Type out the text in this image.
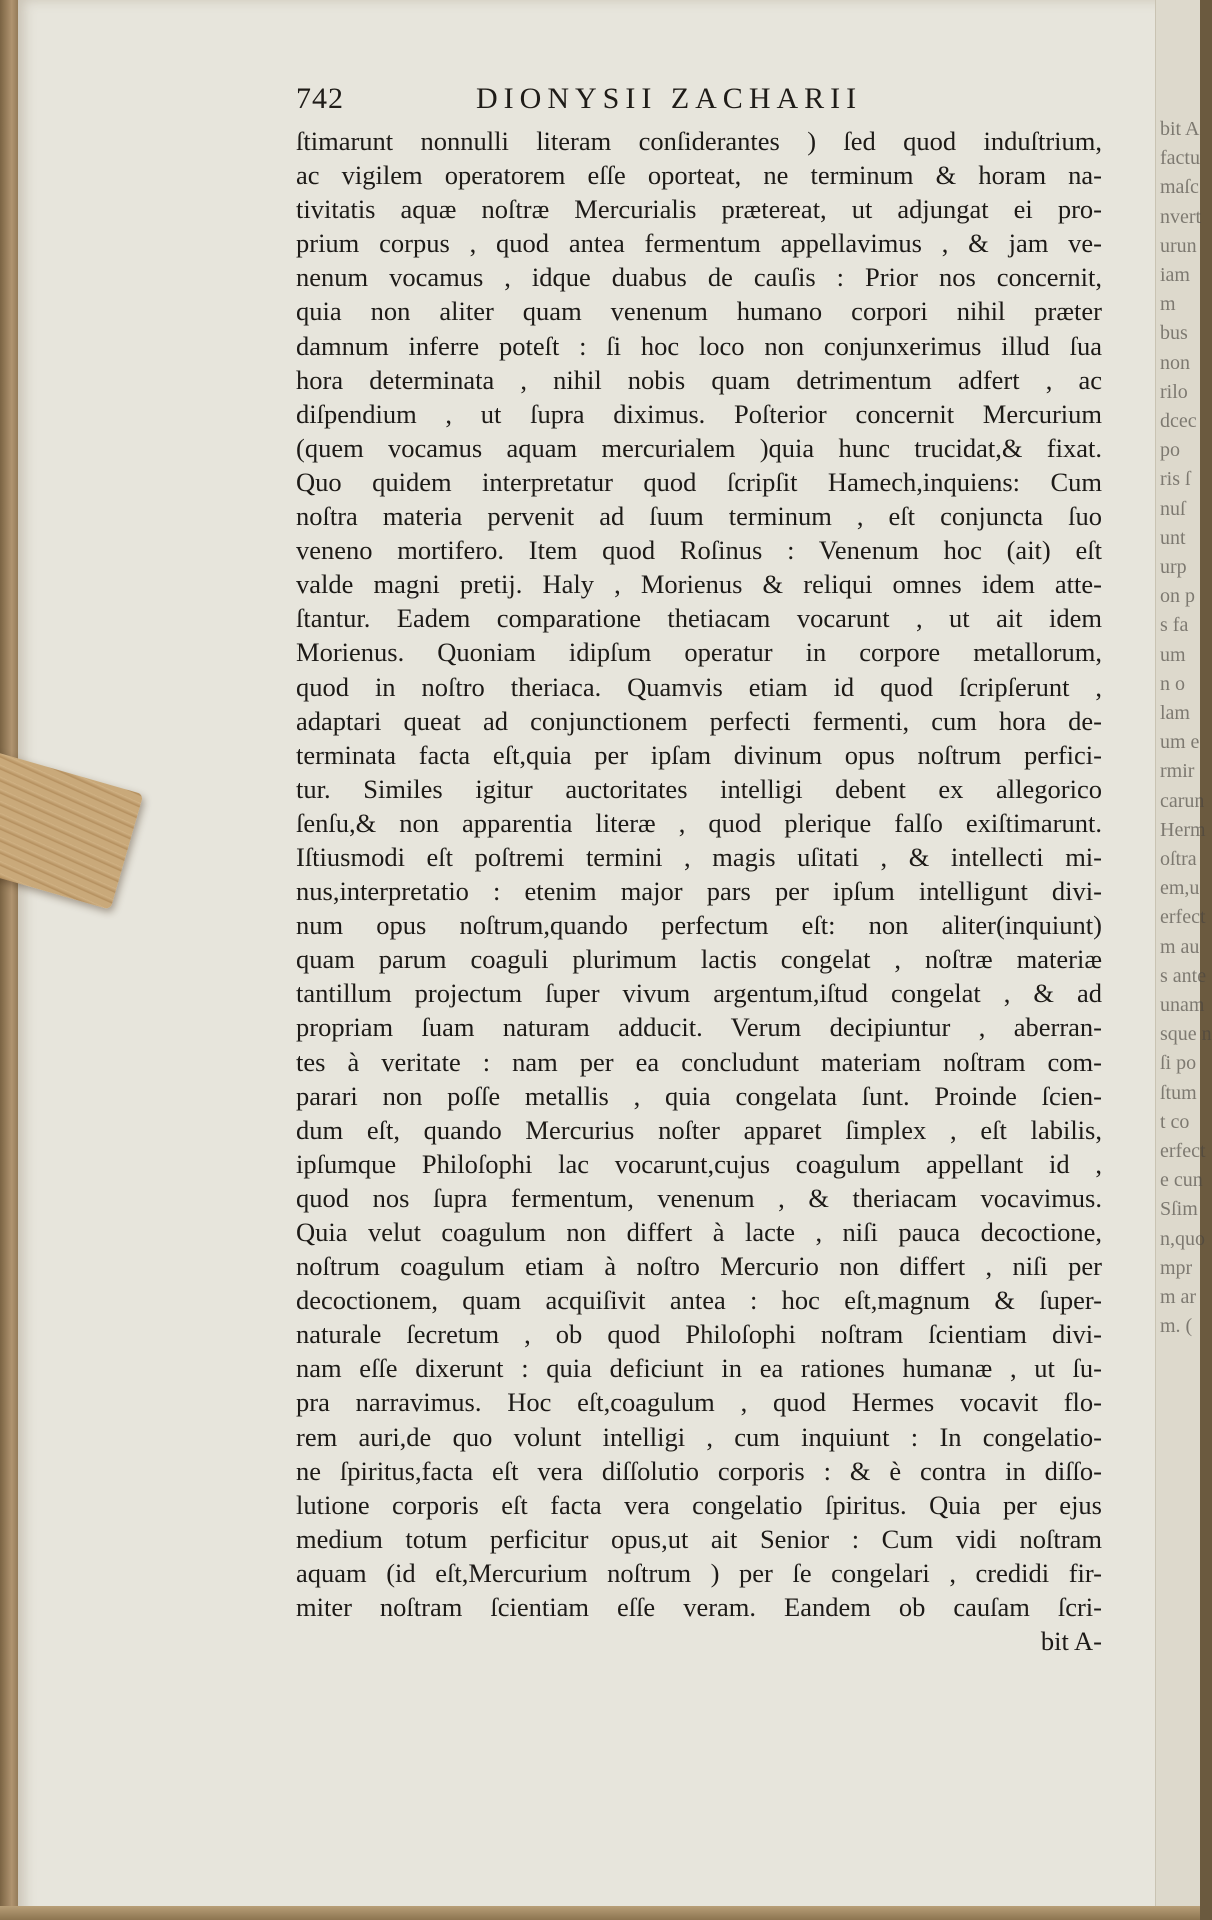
bit A
factu
maſc
nvert
urun
iam
m
bus
non
rilo
dcec
po
ris ſ
nuſ
unt
urp
on p
s fa
um
n o
lam
um e
rmir
carun
Herm
oſtra
em,u
erfect
m au
s ante
unam
sque n
ſi po
ſtum
t co
erfect
e cun
Sſim
n,quo
mpr
m ar
m. (
742	DIONYSII ZACHARII
ſtimarunt nonnulli literam conſiderantes ) ſed quod induſtrium,
ac vigilem operatorem eſſe oporteat, ne terminum & horam na-
tivitatis aquæ noſtræ Mercurialis prætereat, ut adjungat ei pro-
prium corpus , quod antea fermentum appellavimus , & jam ve-
nenum vocamus , idque duabus de cauſis : Prior nos concernit,
quia non aliter quam venenum humano corpori nihil præter
damnum inferre poteſt : ſi hoc loco non conjunxerimus illud ſua
hora determinata , nihil nobis quam detrimentum adfert , ac
diſpendium , ut ſupra diximus. Poſterior concernit Mercurium
(quem vocamus aquam mercurialem )quia hunc trucidat,& fixat.
Quo quidem interpretatur quod ſcripſit Hamech,inquiens: Cum
noſtra materia pervenit ad ſuum terminum , eſt conjuncta ſuo
veneno mortifero. Item quod Roſinus : Venenum hoc (ait) eſt
valde magni pretij. Haly , Morienus & reliqui omnes idem atte-
ſtantur. Eadem comparatione thetiacam vocarunt , ut ait idem
Morienus. Quoniam idipſum operatur in corpore metallorum,
quod in noſtro theriaca. Quamvis etiam id quod ſcripſerunt ,
adaptari queat ad conjunctionem perfecti fermenti, cum hora de-
terminata facta eſt,quia per ipſam divinum opus noſtrum perfici-
tur. Similes igitur auctoritates intelligi debent ex allegorico
ſenſu,& non apparentia literæ , quod plerique falſo exiſtimarunt.
Iſtiusmodi eſt poſtremi termini , magis uſitati , & intellecti mi-
nus,interpretatio : etenim major pars per ipſum intelligunt divi-
num opus noſtrum,quando perfectum eſt: non aliter(inquiunt)
quam parum coaguli plurimum lactis congelat , noſtræ materiæ
tantillum projectum ſuper vivum argentum,iſtud congelat , & ad
propriam ſuam naturam adducit. Verum decipiuntur , aberran-
tes à veritate : nam per ea concludunt materiam noſtram com-
parari non poſſe metallis , quia congelata ſunt. Proinde ſcien-
dum eſt, quando Mercurius noſter apparet ſimplex , eſt labilis,
ipſumque Philoſophi lac vocarunt,cujus coagulum appellant id ,
quod nos ſupra fermentum, venenum , & theriacam vocavimus.
Quia velut coagulum non differt à lacte , niſi pauca decoctione,
noſtrum coagulum etiam à noſtro Mercurio non differt , niſi per
decoctionem, quam acquiſivit antea : hoc eſt,magnum & ſuper-
naturale ſecretum , ob quod Philoſophi noſtram ſcientiam divi-
nam eſſe dixerunt : quia deficiunt in ea rationes humanæ , ut ſu-
pra narravimus. Hoc eſt,coagulum , quod Hermes vocavit flo-
rem auri,de quo volunt intelligi , cum inquiunt : In congelatio-
ne ſpiritus,facta eſt vera diſſolutio corporis : & è contra in diſſo-
lutione corporis eſt facta vera congelatio ſpiritus. Quia per ejus
medium totum perficitur opus,ut ait Senior : Cum vidi noſtram
aquam (id eſt,Mercurium noſtrum ) per ſe congelari , credidi fir-
miter noſtram ſcientiam eſſe veram. Eandem ob cauſam ſcri-
bit A-
